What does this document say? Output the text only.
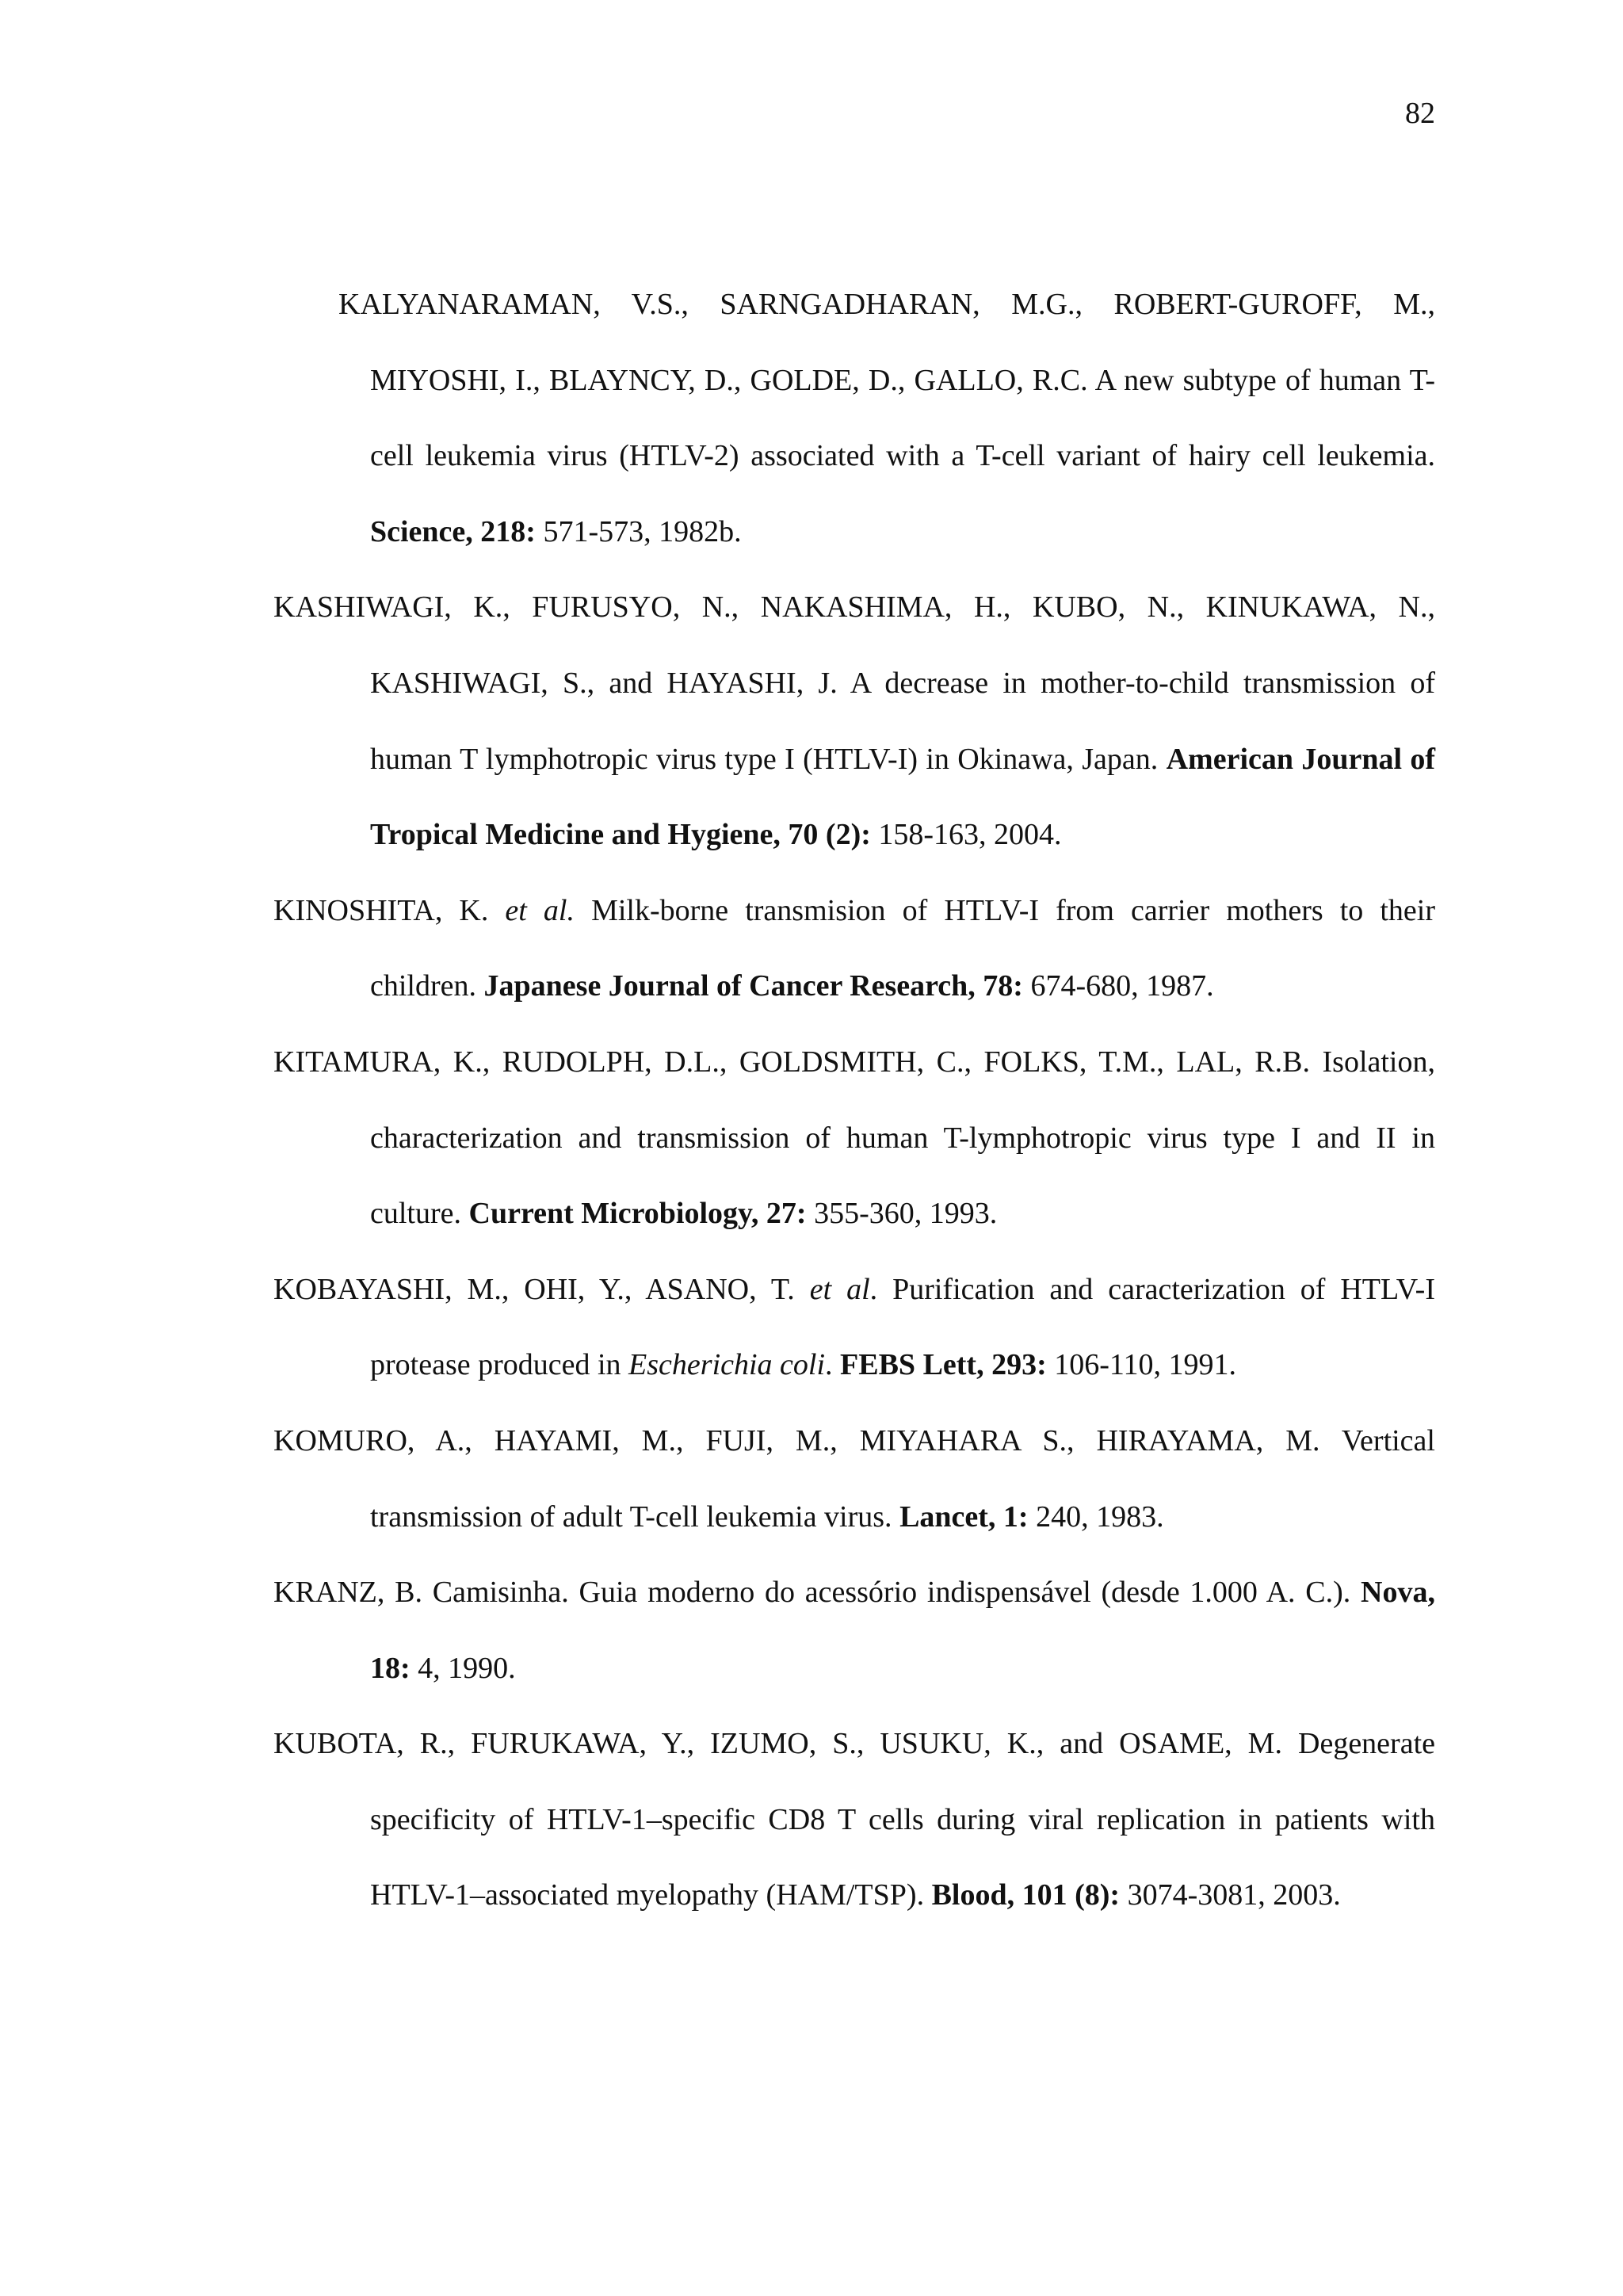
82

KALYANARAMAN, V.S., SARNGADHARAN, M.G., ROBERT-GUROFF, M., MIYOSHI, I., BLAYNCY, D., GOLDE, D., GALLO, R.C. A new subtype of human T-cell leukemia virus (HTLV-2) associated with a T-cell variant of hairy cell leukemia. Science, 218: 571-573, 1982b.

KASHIWAGI, K., FURUSYO, N., NAKASHIMA, H., KUBO, N., KINUKAWA, N., KASHIWAGI, S., and HAYASHI, J. A decrease in mother-to-child transmission of human T lymphotropic virus type I (HTLV-I) in Okinawa, Japan. American Journal of Tropical Medicine and Hygiene, 70 (2): 158-163, 2004.

KINOSHITA, K. et al. Milk-borne transmision of HTLV-I from carrier mothers to their children. Japanese Journal of Cancer Research, 78: 674-680, 1987.

KITAMURA, K., RUDOLPH, D.L., GOLDSMITH, C., FOLKS, T.M., LAL, R.B. Isolation, characterization and transmission of human T-lymphotropic virus type I and II in culture. Current Microbiology, 27: 355-360, 1993.

KOBAYASHI, M., OHI, Y., ASANO, T. et al. Purification and caracterization of HTLV-I protease produced in Escherichia coli. FEBS Lett, 293: 106-110, 1991.

KOMURO, A., HAYAMI, M., FUJI, M., MIYAHARA S., HIRAYAMA, M. Vertical transmission of adult T-cell leukemia virus. Lancet, 1: 240, 1983.

KRANZ, B. Camisinha. Guia moderno do acessório indispensável (desde 1.000 A. C.). Nova, 18: 4, 1990.

KUBOTA, R., FURUKAWA, Y., IZUMO, S., USUKU, K., and OSAME, M. Degenerate specificity of HTLV-1–specific CD8 T cells during viral replication in patients with HTLV-1–associated myelopathy (HAM/TSP). Blood, 101 (8): 3074-3081, 2003.
